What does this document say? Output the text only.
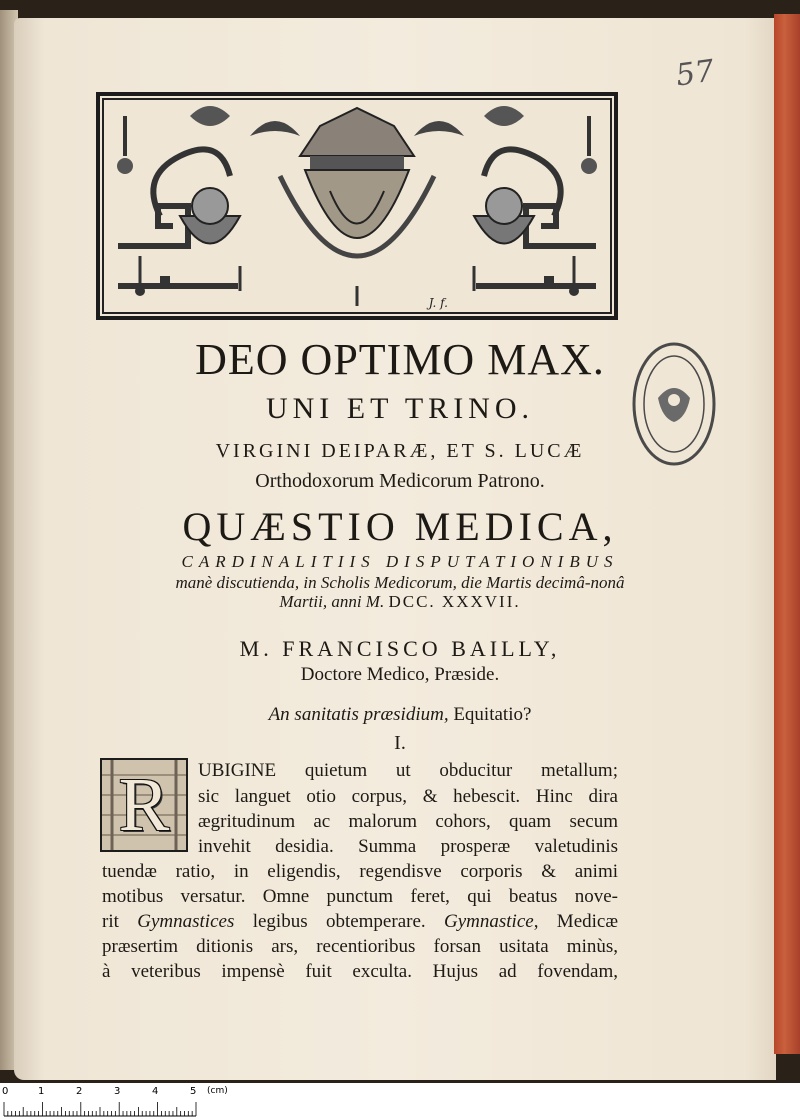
57
J. f.
DEO OPTIMO MAX.
UNI ET TRINO.
VIRGINI DEIPARÆ, ET S. LUCÆ
Orthodoxorum Medicorum Patrono.
QUÆSTIO MEDICA,
CARDINALITIIS DISPUTATIONIBUS
manè discutienda, in Scholis Medicorum, die Martis decimâ-nonâ
Martii, anni M. DCC. XXXVII.
M. FRANCISCO BAILLY,
Doctore Medico, Præside.
An sanitatis præsidium, Equitatio?
I.
R	UBIGINE quietum ut obducitur metallum;
sic languet otio corpus, & hebescit. Hinc dira
ægritudinum ac malorum cohors, quam secum
invehit desidia. Summa prosperæ valetudinis
tuendæ ratio, in eligendis, regendisve corporis & animi
motibus versatur. Omne punctum feret, qui beatus nove-
rit Gymnastices legibus obtemperare. Gymnastice, Medicæ
præsertim ditionis ars, recentioribus forsan usitata minùs,
à veteribus impensè fuit exculta. Hujus ad fovendam,
0	1	2	3	4	5 (cm)
